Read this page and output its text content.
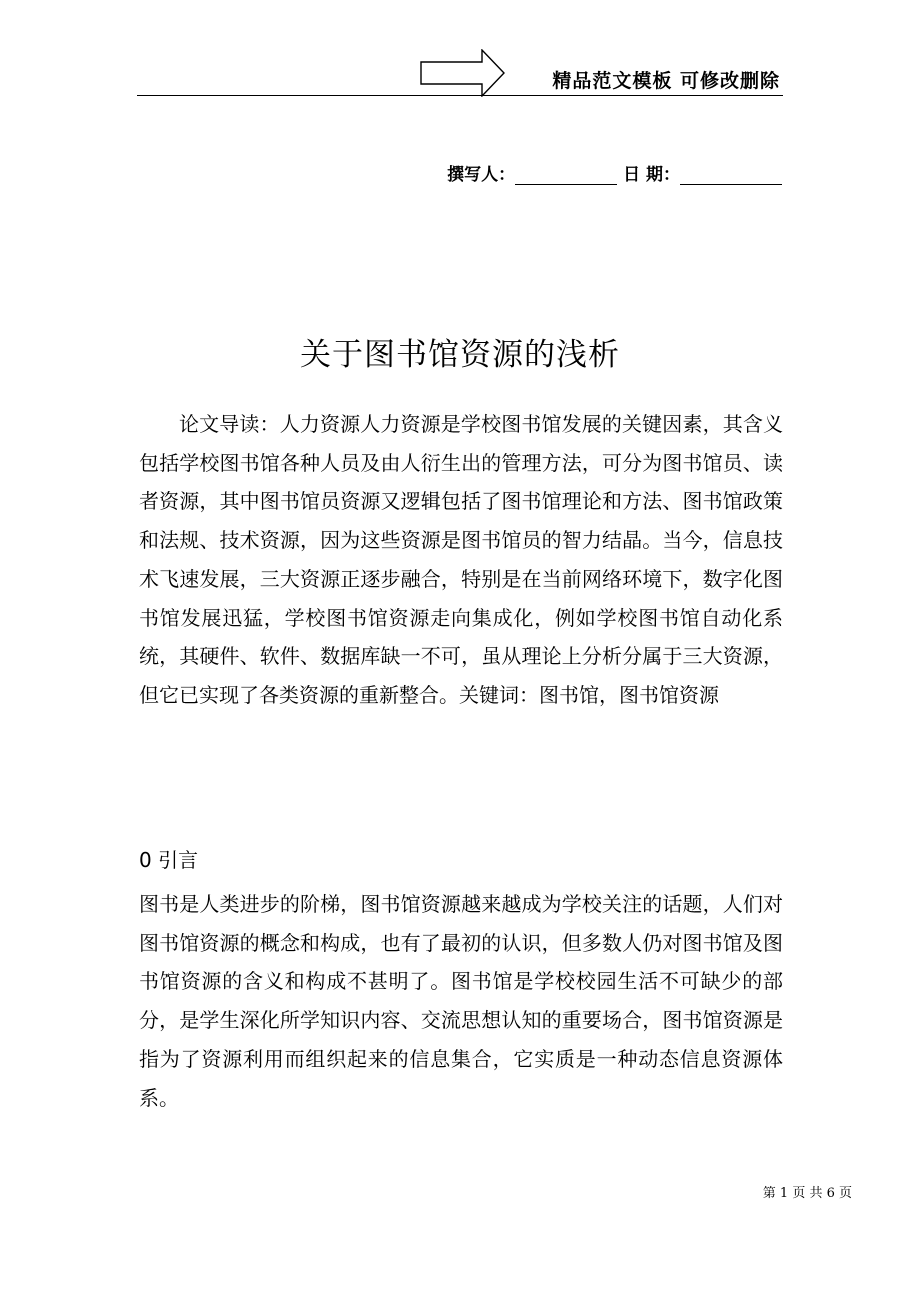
精品范文模板 可修改删除
撰写人：	日 期：
关于图书馆资源的浅析

论文导读：人力资源人力资源是学校图书馆发展的关键因素，其含义包括学校图书馆各种人员及由人衍生出的管理方法，可分为图书馆员、读者资源，其中图书馆员资源又逻辑包括了图书馆理论和方法、图书馆政策和法规、技术资源，因为这些资源是图书馆员的智力结晶。当今，信息技术飞速发展，三大资源正逐步融合，特别是在当前网络环境下，数字化图书馆发展迅猛，学校图书馆资源走向集成化，例如学校图书馆自动化系统，其硬件、软件、数据库缺一不可，虽从理论上分析分属于三大资源，但它已实现了各类资源的重新整合。关键词：图书馆，图书馆资源

0 引言

图书是人类进步的阶梯，图书馆资源越来越成为学校关注的话题，人们对图书馆资源的概念和构成，也有了最初的认识，但多数人仍对图书馆及图书馆资源的含义和构成不甚明了。图书馆是学校校园生活不可缺少的部分，是学生深化所学知识内容、交流思想认知的重要场合，图书馆资源是指为了资源利用而组织起来的信息集合，它实质是一种动态信息资源体系。

第 1 页 共 6 页
